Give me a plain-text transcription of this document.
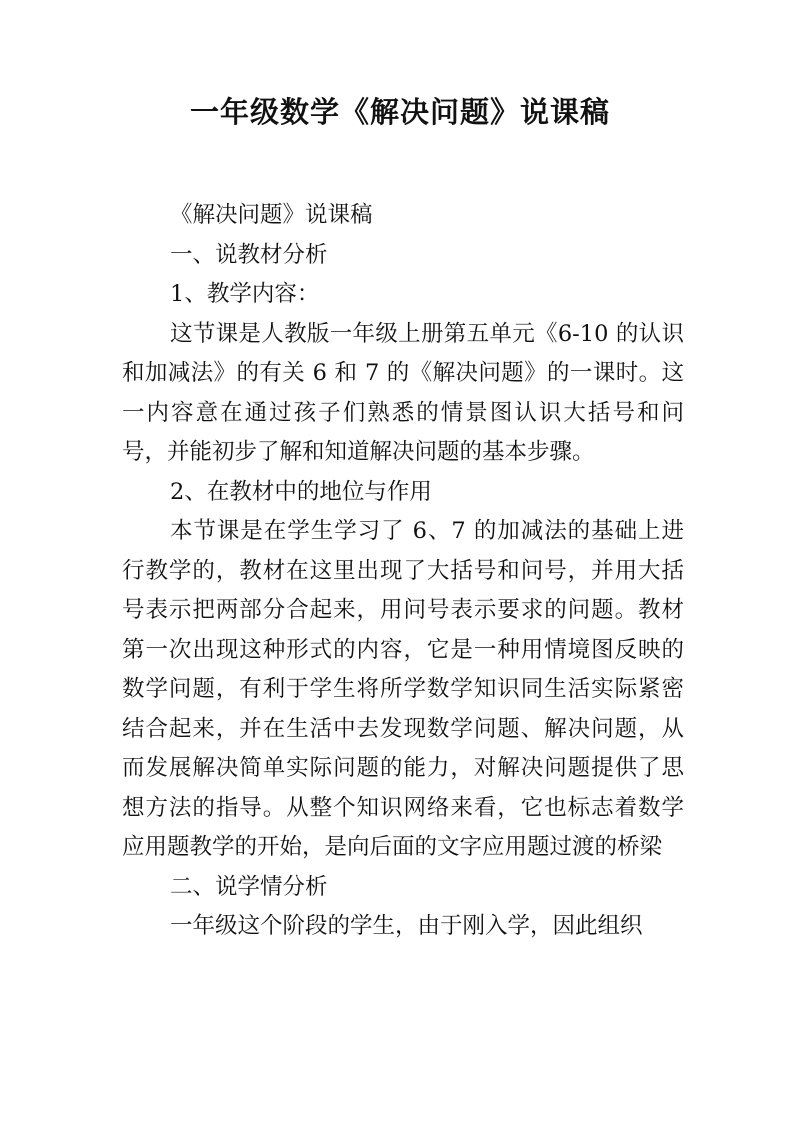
一年级数学《解决问题》说课稿

《解决问题》说课稿

一、说教材分析

1、教学内容：

这节课是人教版一年级上册第五单元《6-10 的认识和加减法》的有关 6 和 7 的《解决问题》的一课时。这一内容意在通过孩子们熟悉的情景图认识大括号和问号，并能初步了解和知道解决问题的基本步骤。

2、在教材中的地位与作用

本节课是在学生学习了 6、7 的加减法的基础上进行教学的，教材在这里出现了大括号和问号，并用大括号表示把两部分合起来，用问号表示要求的问题。教材第一次出现这种形式的内容，它是一种用情境图反映的数学问题，有利于学生将所学数学知识同生活实际紧密结合起来，并在生活中去发现数学问题、解决问题，从而发展解决简单实际问题的能力，对解决问题提供了思想方法的指导。从整个知识网络来看，它也标志着数学应用题教学的开始，是向后面的文字应用题过渡的桥梁

二、说学情分析

一年级这个阶段的学生，由于刚入学，因此组织
